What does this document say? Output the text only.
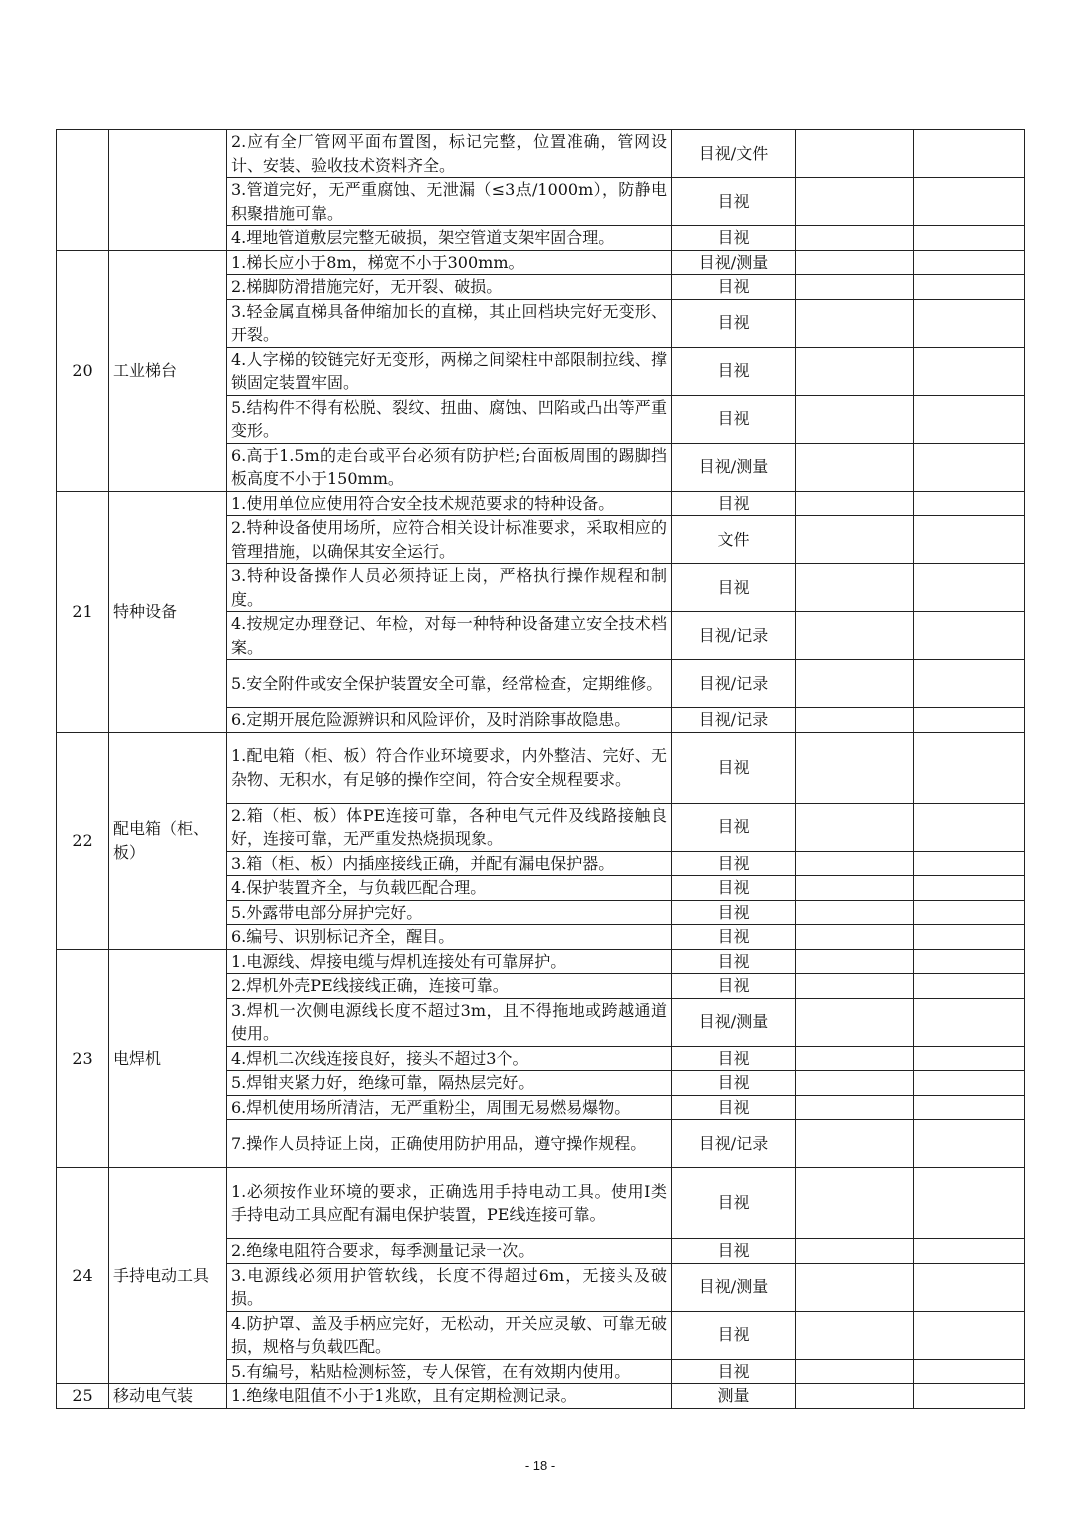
		2.应有全厂管网平面布置图，标记完整，位置准确，管网设计、安装、验收技术资料齐全。	目视/文件		
		3.管道完好，无严重腐蚀、无泄漏（≤3点/1000m），防静电积聚措施可靠。	目视		
		4.埋地管道敷层完整无破损，架空管道支架牢固合理。	目视		
20	工业梯台	1.梯长应小于8m，梯宽不小于300mm。	目视/测量		
		2.梯脚防滑措施完好，无开裂、破损。	目视		
		3.轻金属直梯具备伸缩加长的直梯，其止回档块完好无变形、开裂。	目视		
		4.人字梯的铰链完好无变形，两梯之间梁柱中部限制拉线、撑锁固定装置牢固。	目视		
		5.结构件不得有松脱、裂纹、扭曲、腐蚀、凹陷或凸出等严重变形。	目视		
		6.高于1.5m的走台或平台必须有防护栏;台面板周围的踢脚挡板高度不小于150mm。	目视/测量		
21	特种设备	1.使用单位应使用符合安全技术规范要求的特种设备。	目视		
		2.特种设备使用场所，应符合相关设计标准要求，采取相应的管理措施，以确保其安全运行。	文件		
		3.特种设备操作人员必须持证上岗，严格执行操作规程和制度。	目视		
		4.按规定办理登记、年检，对每一种特种设备建立安全技术档案。	目视/记录		
		5.安全附件或安全保护装置安全可靠，经常检查，定期维修。	目视/记录		
		6.定期开展危险源辨识和风险评价，及时消除事故隐患。	目视/记录		
22	配电箱（柜、板）	1.配电箱（柜、板）符合作业环境要求，内外整洁、完好、无杂物、无积水，有足够的操作空间，符合安全规程要求。	目视		
		2.箱（柜、板）体PE连接可靠，各种电气元件及线路接触良好，连接可靠，无严重发热烧损现象。	目视		
		3.箱（柜、板）内插座接线正确，并配有漏电保护器。	目视		
		4.保护装置齐全，与负载匹配合理。	目视		
		5.外露带电部分屏护完好。	目视		
		6.编号、识别标记齐全，醒目。	目视		
23	电焊机	1.电源线、焊接电缆与焊机连接处有可靠屏护。	目视		
		2.焊机外壳PE线接线正确，连接可靠。	目视		
		3.焊机一次侧电源线长度不超过3m，且不得拖地或跨越通道使用。	目视/测量		
		4.焊机二次线连接良好，接头不超过3个。	目视		
		5.焊钳夹紧力好，绝缘可靠，隔热层完好。	目视		
		6.焊机使用场所清洁，无严重粉尘，周围无易燃易爆物。	目视		
		7.操作人员持证上岗，正确使用防护用品，遵守操作规程。	目视/记录		
24	手持电动工具	1.必须按作业环境的要求，正确选用手持电动工具。使用Ⅰ类手持电动工具应配有漏电保护装置，PE线连接可靠。	目视		
		2.绝缘电阻符合要求，每季测量记录一次。	目视		
		3.电源线必须用护管软线，长度不得超过6m，无接头及破损。	目视/测量		
		4.防护罩、盖及手柄应完好，无松动，开关应灵敏、可靠无破损，规格与负载匹配。	目视		
		5.有编号，粘贴检测标签，专人保管，在有效期内使用。	目视		
25	移动电气装	1.绝缘电阻值不小于1兆欧，且有定期检测记录。	测量		
- 18 -
